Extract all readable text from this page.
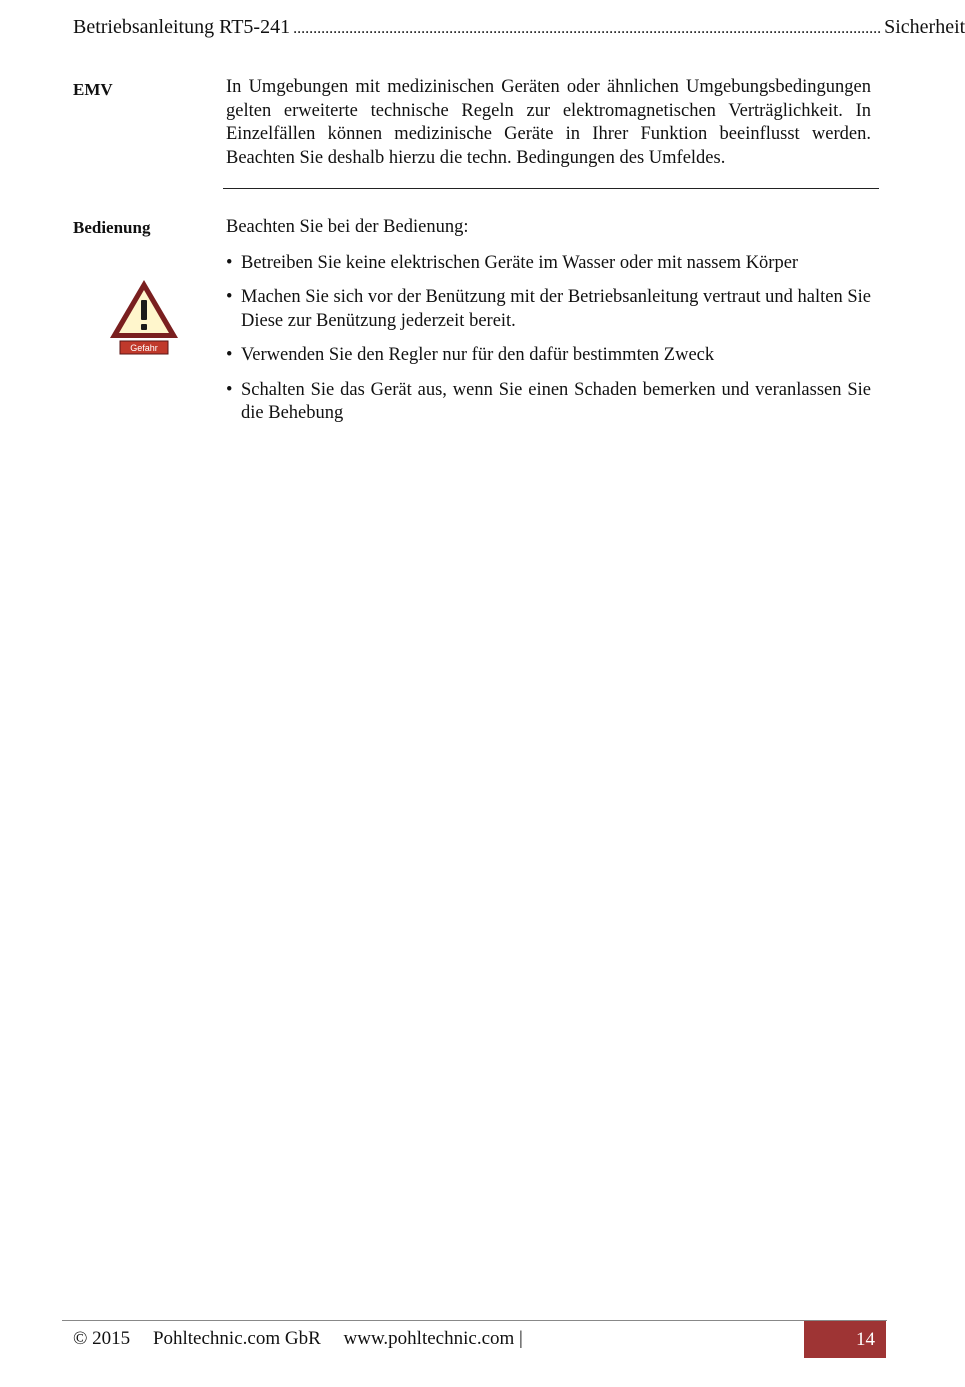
Betriebsanleitung RT5-241 ................................................................................................................................................... Sicherheit
EMV	In Umgebungen mit medizinischen Geräten oder ähnlichen Umgebungsbedingungen gelten erweiterte technische Regeln zur elektromagnetischen Verträglichkeit. In Einzelfällen können medizinische Geräte in Ihrer Funktion beeinflusst werden. Beachten Sie deshalb hierzu die techn. Bedingungen des Umfeldes.
Bedienung
Gefahr
Beachten Sie bei der Bedienung:
• Betreiben Sie keine elektrischen Geräte im Wasser oder mit nassem Körper
• Machen Sie sich vor der Benützung mit der Betriebsanleitung vertraut und halten Sie Diese zur Benützung jederzeit bereit.
• Verwenden Sie den Regler nur für den dafür bestimmten Zweck
• Schalten Sie das Gerät aus, wenn Sie einen Schaden bemerken und veranlassen Sie die Behebung
© 2015 Pohltechnic.com GbR www.pohltechnic.com |	14
